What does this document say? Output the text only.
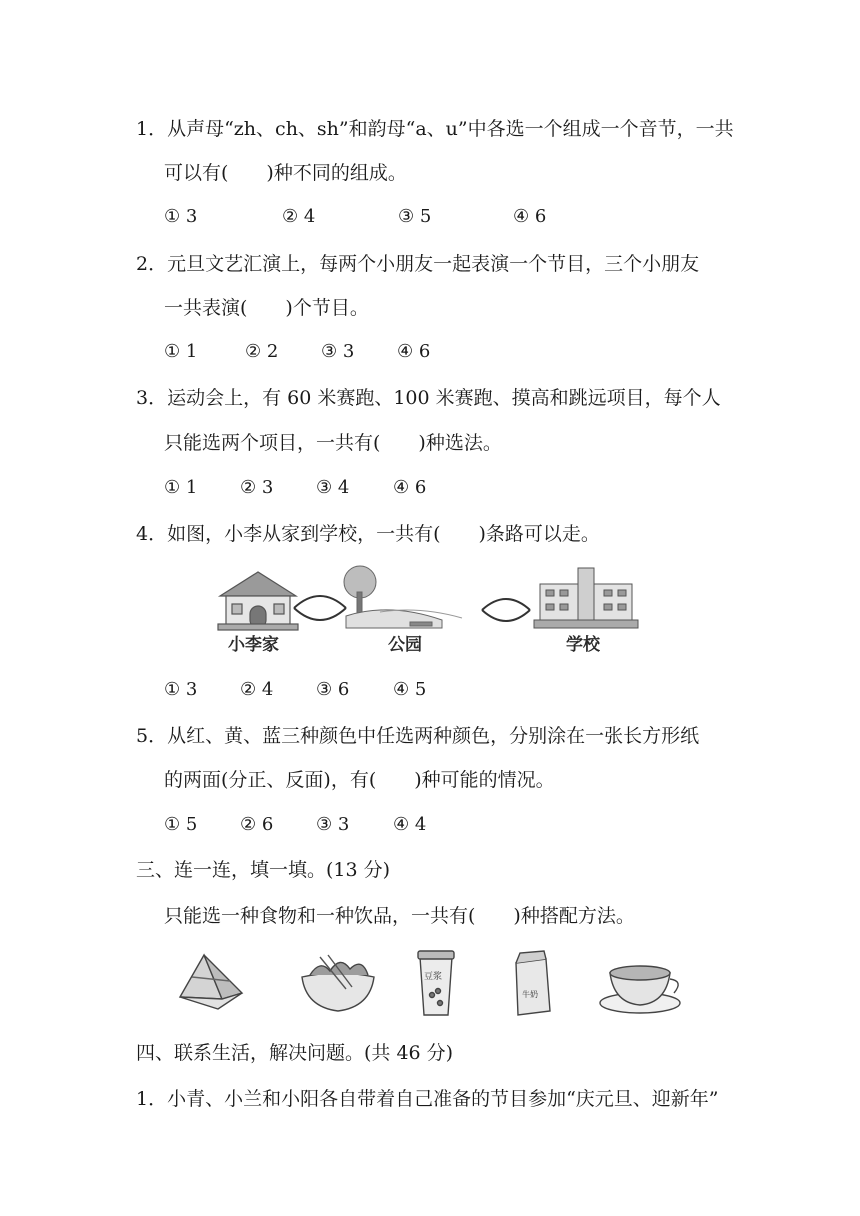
1．从声母“zh、ch、sh”和韵母“a、u”中各选一个组成一个音节，一共
可以有(　　)种不同的组成。
① 3	② 4	③ 5	④ 6
2．元旦文艺汇演上，每两个小朋友一起表演一个节目，三个小朋友
一共表演(　　)个节目。
① 1	② 2 ③ 3 ④ 6
3．运动会上，有 60 米赛跑、100 米赛跑、摸高和跳远项目，每个人
只能选两个项目，一共有(　　)种选法。
① 1 ② 3 ③ 4 ④ 6
4．如图，小李从家到学校，一共有(　　)条路可以走。
小李家	公园	学校
① 3 ② 4 ③ 6 ④ 5
5．从红、黄、蓝三种颜色中任选两种颜色，分别涂在一张长方形纸
的两面(分正、反面)，有(　　)种可能的情况。
① 5 ② 6 ③ 3 ④ 4
三、连一连，填一填。(13 分)
只能选一种食物和一种饮品，一共有(　　)种搭配方法。
豆浆
牛奶
四、联系生活，解决问题。(共 46 分)
1．小青、小兰和小阳各自带着自己准备的节目参加“庆元旦、迎新年”
